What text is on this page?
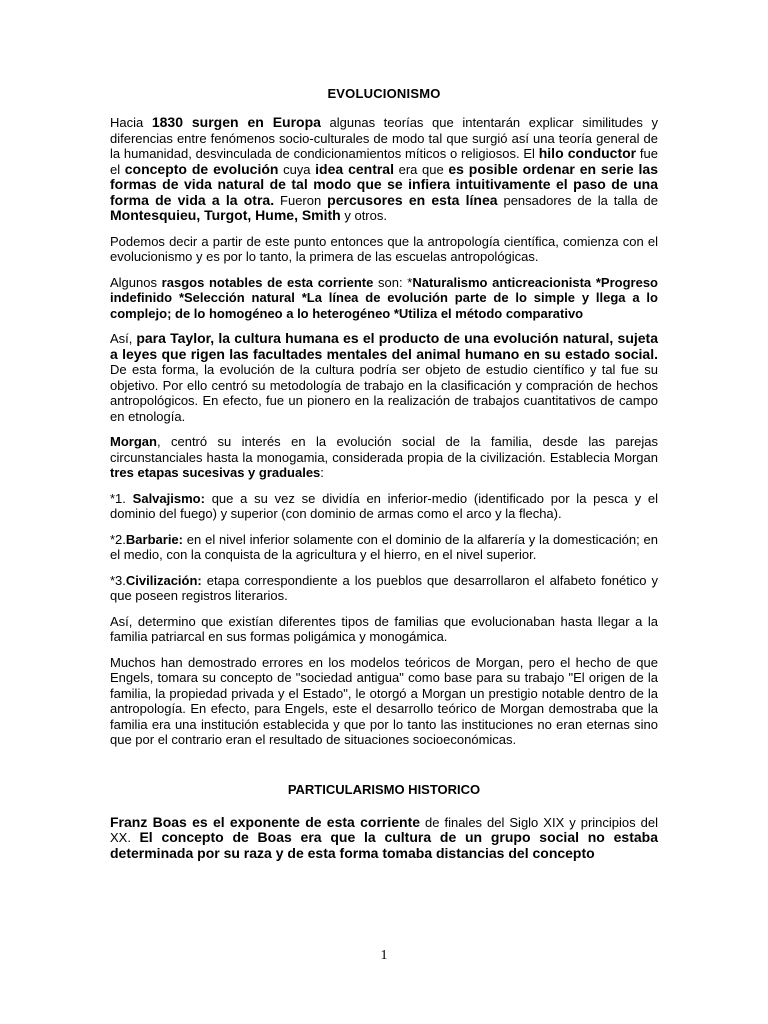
EVOLUCIONISMO

Hacia 1830 surgen en Europa algunas teorías que intentarán explicar similitudes y diferencias entre fenómenos socio-culturales de modo tal que surgió así una teoría general de la humanidad, desvinculada de condicionamientos míticos o religiosos. El hilo conductor fue el concepto de evolución cuya idea central era que es posible ordenar en serie las formas de vida natural de tal modo que se infiera intuitivamente el paso de una forma de vida a la otra. Fueron percusores en esta línea pensadores de la talla de Montesquieu, Turgot, Hume, Smith y otros.

Podemos decir a partir de este punto entonces que la antropología científica, comienza con el evolucionismo y es por lo tanto, la primera de las escuelas antropológicas.

Algunos rasgos notables de esta corriente son: *Naturalismo anticreacionista *Progreso indefinido *Selección natural *La línea de evolución parte de lo simple y llega a lo complejo; de lo homogéneo a lo heterogéneo *Utiliza el método comparativo

Así, para Taylor, la cultura humana es el producto de una evolución natural, sujeta a leyes que rigen las facultades mentales del animal humano en su estado social. De esta forma, la evolución de la cultura podría ser objeto de estudio científico y tal fue su objetivo. Por ello centró su metodología de trabajo en la clasificación y compración de hechos antropológicos. En efecto, fue un pionero en la realización de trabajos cuantitativos de campo en etnología.

Morgan, centró su interés en la evolución social de la familia, desde las parejas circunstanciales hasta la monogamia, considerada propia de la civilización. Establecia Morgan tres etapas sucesivas y graduales:

*1. Salvajismo: que a su vez se dividía en inferior-medio (identificado por la pesca y el dominio del fuego) y superior (con dominio de armas como el arco y la flecha).

*2.Barbarie: en el nivel inferior solamente con el dominio de la alfarería y la domesticación; en el medio, con la conquista de la agricultura y el hierro, en el nivel superior.

*3.Civilización: etapa correspondiente a los pueblos que desarrollaron el alfabeto fonético y que poseen registros literarios.

Así, determino que existían diferentes tipos de familias que evolucionaban hasta llegar a la familia patriarcal en sus formas poligámica y monogámica.

Muchos han demostrado errores en los modelos teóricos de Morgan, pero el hecho de que Engels, tomara su concepto de "sociedad antigua" como base para su trabajo "El origen de la familia, la propiedad privada y el Estado", le otorgó a Morgan un prestigio notable dentro de la antropología. En efecto, para Engels, este el desarrollo teórico de Morgan demostraba que la familia era una institución establecida y que por lo tanto las instituciones no eran eternas sino que por el contrario eran el resultado de situaciones socioeconómicas.

PARTICULARISMO HISTORICO

Franz Boas es el exponente de esta corriente de finales del Siglo XIX y principios del XX. El concepto de Boas era que la cultura de un grupo social no estaba determinada por su raza y de esta forma tomaba distancias del concepto

1
